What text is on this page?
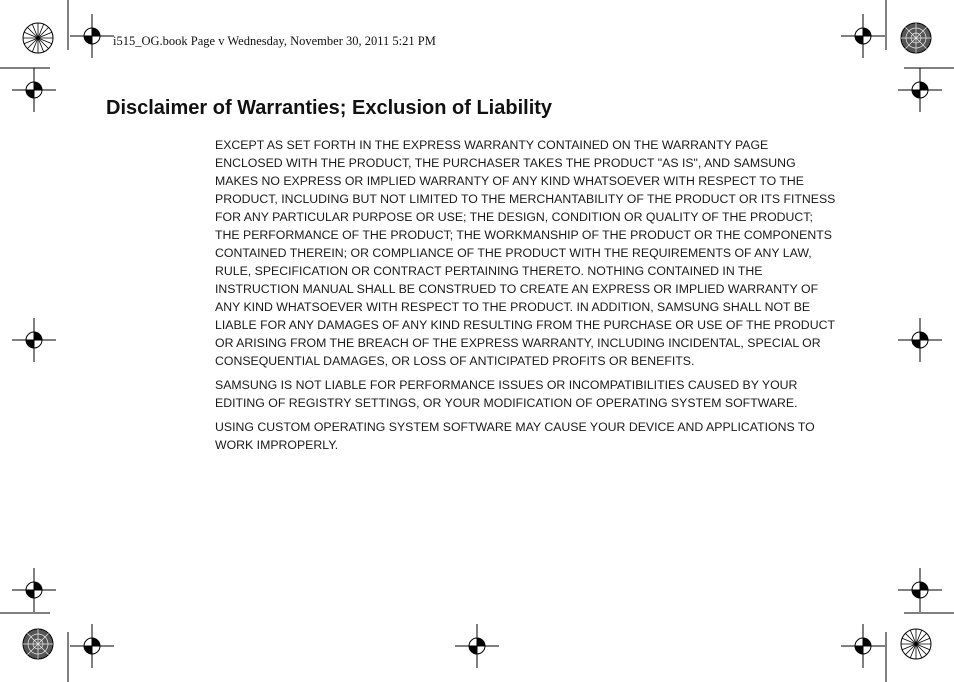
i515_OG.book Page v Wednesday, November 30, 2011 5:21 PM
Disclaimer of Warranties; Exclusion of Liability

EXCEPT AS SET FORTH IN THE EXPRESS WARRANTY CONTAINED ON THE WARRANTY PAGE ENCLOSED WITH THE PRODUCT, THE PURCHASER TAKES THE PRODUCT "AS IS", AND SAMSUNG MAKES NO EXPRESS OR IMPLIED WARRANTY OF ANY KIND WHATSOEVER WITH RESPECT TO THE PRODUCT, INCLUDING BUT NOT LIMITED TO THE MERCHANTABILITY OF THE PRODUCT OR ITS FITNESS FOR ANY PARTICULAR PURPOSE OR USE; THE DESIGN, CONDITION OR QUALITY OF THE PRODUCT; THE PERFORMANCE OF THE PRODUCT; THE WORKMANSHIP OF THE PRODUCT OR THE COMPONENTS CONTAINED THEREIN; OR COMPLIANCE OF THE PRODUCT WITH THE REQUIREMENTS OF ANY LAW, RULE, SPECIFICATION OR CONTRACT PERTAINING THERETO. NOTHING CONTAINED IN THE INSTRUCTION MANUAL SHALL BE CONSTRUED TO CREATE AN EXPRESS OR IMPLIED WARRANTY OF ANY KIND WHATSOEVER WITH RESPECT TO THE PRODUCT. IN ADDITION, SAMSUNG SHALL NOT BE LIABLE FOR ANY DAMAGES OF ANY KIND RESULTING FROM THE PURCHASE OR USE OF THE PRODUCT OR ARISING FROM THE BREACH OF THE EXPRESS WARRANTY, INCLUDING INCIDENTAL, SPECIAL OR CONSEQUENTIAL DAMAGES, OR LOSS OF ANTICIPATED PROFITS OR BENEFITS.

SAMSUNG IS NOT LIABLE FOR PERFORMANCE ISSUES OR INCOMPATIBILITIES CAUSED BY YOUR EDITING OF REGISTRY SETTINGS, OR YOUR MODIFICATION OF OPERATING SYSTEM SOFTWARE.

USING CUSTOM OPERATING SYSTEM SOFTWARE MAY CAUSE YOUR DEVICE AND APPLICATIONS TO WORK IMPROPERLY.
